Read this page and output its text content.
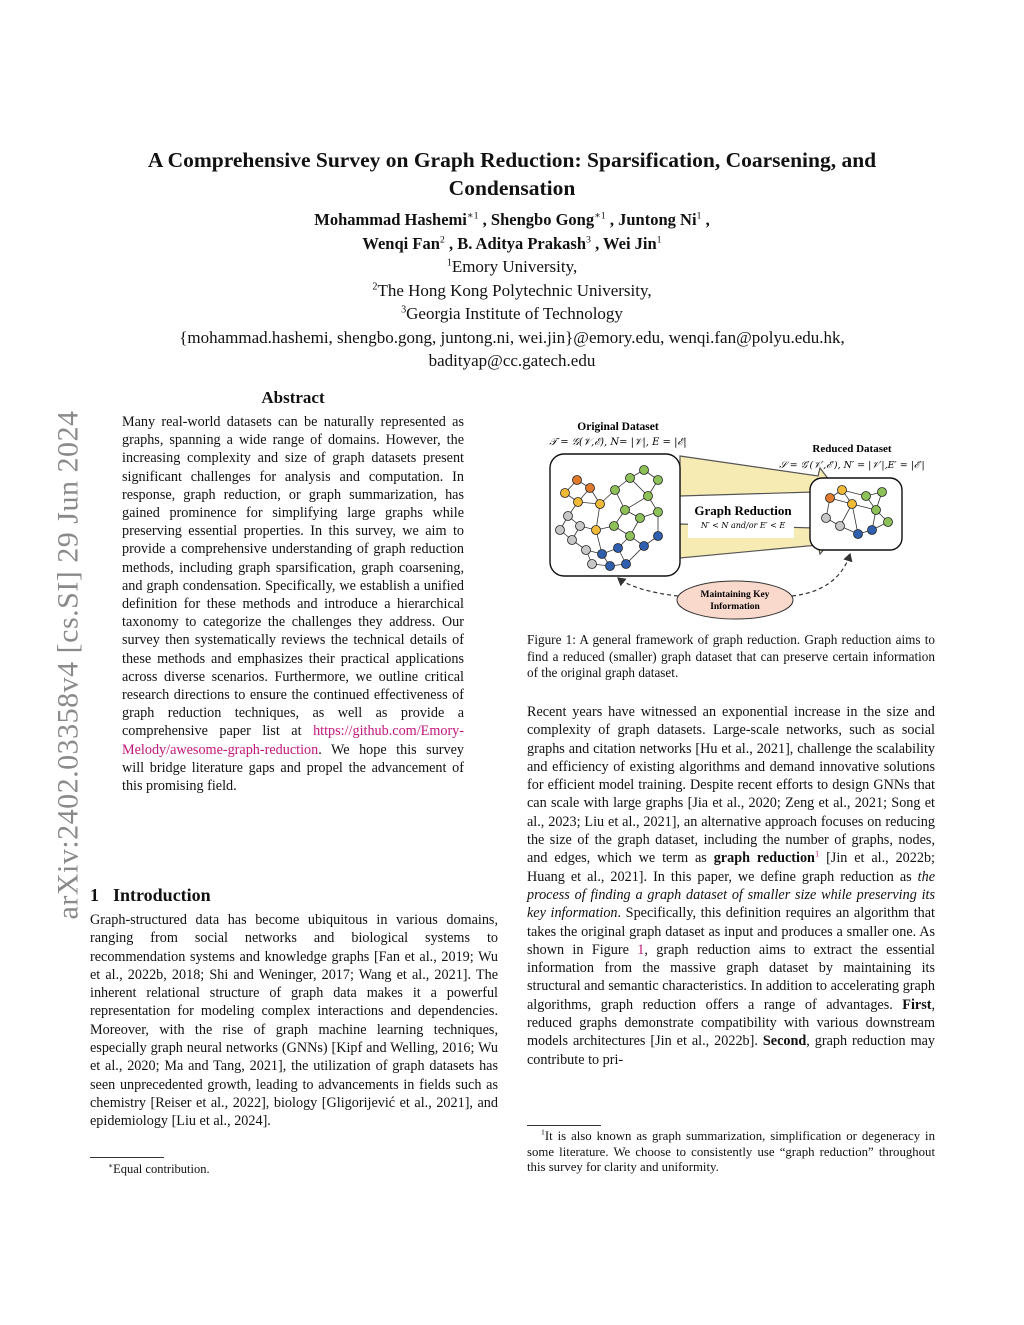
arXiv:2402.03358v4 [cs.SI] 29 Jun 2024
A Comprehensive Survey on Graph Reduction: Sparsification, Coarsening, and Condensation
Mohammad Hashemi$^{∗1}$ , Shengbo Gong$^{∗1}$ , Juntong Ni$^1$ ,
Wenqi Fan$^2$ , B. Aditya Prakash$^3$ , Wei Jin$^1$
$^1$Emory University,
$^2$The Hong Kong Polytechnic University,
$^3$Georgia Institute of Technology
{mohammad.hashemi, shengbo.gong, juntong.ni, wei.jin}@emory.edu, wenqi.fan@polyu.edu.hk,
badityap@cc.gatech.edu
Abstract
Many real-world datasets can be naturally represented as graphs, spanning a wide range of domains. However, the increasing complexity and size of graph datasets present significant challenges for analysis and computation. In response, graph reduction, or graph summarization, has gained prominence for simplifying large graphs while preserving essential properties. In this survey, we aim to provide a comprehensive understanding of graph reduction methods, including graph sparsification, graph coarsening, and graph condensation. Specifically, we establish a unified definition for these methods and introduce a hierarchical taxonomy to categorize the challenges they address. Our survey then systematically reviews the technical details of these methods and emphasizes their practical applications across diverse scenarios. Furthermore, we outline critical research directions to ensure the continued effectiveness of graph reduction techniques, as well as provide a comprehensive paper list at https://github.com/Emory-Melody/awesome-graph-reduction. We hope this survey will bridge literature gaps and propel the advancement of this promising field.
1 Introduction
Graph-structured data has become ubiquitous in various domains, ranging from social networks and biological systems to recommendation systems and knowledge graphs [Fan et al., 2019; Wu et al., 2022b, 2018; Shi and Weninger, 2017; Wang et al., 2021]. The inherent relational structure of graph data makes it a powerful representation for modeling complex interactions and dependencies. Moreover, with the rise of graph machine learning techniques, especially graph neural networks (GNNs) [Kipf and Welling, 2016; Wu et al., 2020; Ma and Tang, 2021], the utilization of graph datasets has seen unprecedented growth, leading to advancements in fields such as chemistry [Reiser et al., 2022], biology [Gligorijević et al., 2021], and epidemiology [Liu et al., 2024].
∗Equal contribution.
Original Dataset
𝒯 = 𝒢(𝒱,ℰ), N= |𝒱|, E = |ℰ|
Reduced Dataset
𝒮 = 𝒢′(𝒱′,ℰ′), N′ = |𝒱′|,E′ = |ℰ′|
Graph Reduction
N′ < N and/or E′ < E
Maintaining Key
Information
Figure 1: A general framework of graph reduction. Graph reduction aims to find a reduced (smaller) graph dataset that can preserve certain information of the original graph dataset.
Recent years have witnessed an exponential increase in the size and complexity of graph datasets. Large-scale networks, such as social graphs and citation networks [Hu et al., 2021], challenge the scalability and efficiency of existing algorithms and demand innovative solutions for efficient model training. Despite recent efforts to design GNNs that can scale with large graphs [Jia et al., 2020; Zeng et al., 2021; Song et al., 2023; Liu et al., 2021], an alternative approach focuses on reducing the size of the graph dataset, including the number of graphs, nodes, and edges, which we term as graph reduction$^1$ [Jin et al., 2022b; Huang et al., 2021]. In this paper, we define graph reduction as the process of finding a graph dataset of smaller size while preserving its key information. Specifically, this definition requires an algorithm that takes the original graph dataset as input and produces a smaller one. As shown in Figure 1, graph reduction aims to extract the essential information from the massive graph dataset by maintaining its structural and semantic characteristics. In addition to accelerating graph algorithms, graph reduction offers a range of advantages. First, reduced graphs demonstrate compatibility with various downstream models architectures [Jin et al., 2022b]. Second, graph reduction may contribute to pri-
$^1$It is also known as graph summarization, simplification or degeneracy in some literature. We choose to consistently use “graph reduction” throughout this survey for clarity and uniformity.
